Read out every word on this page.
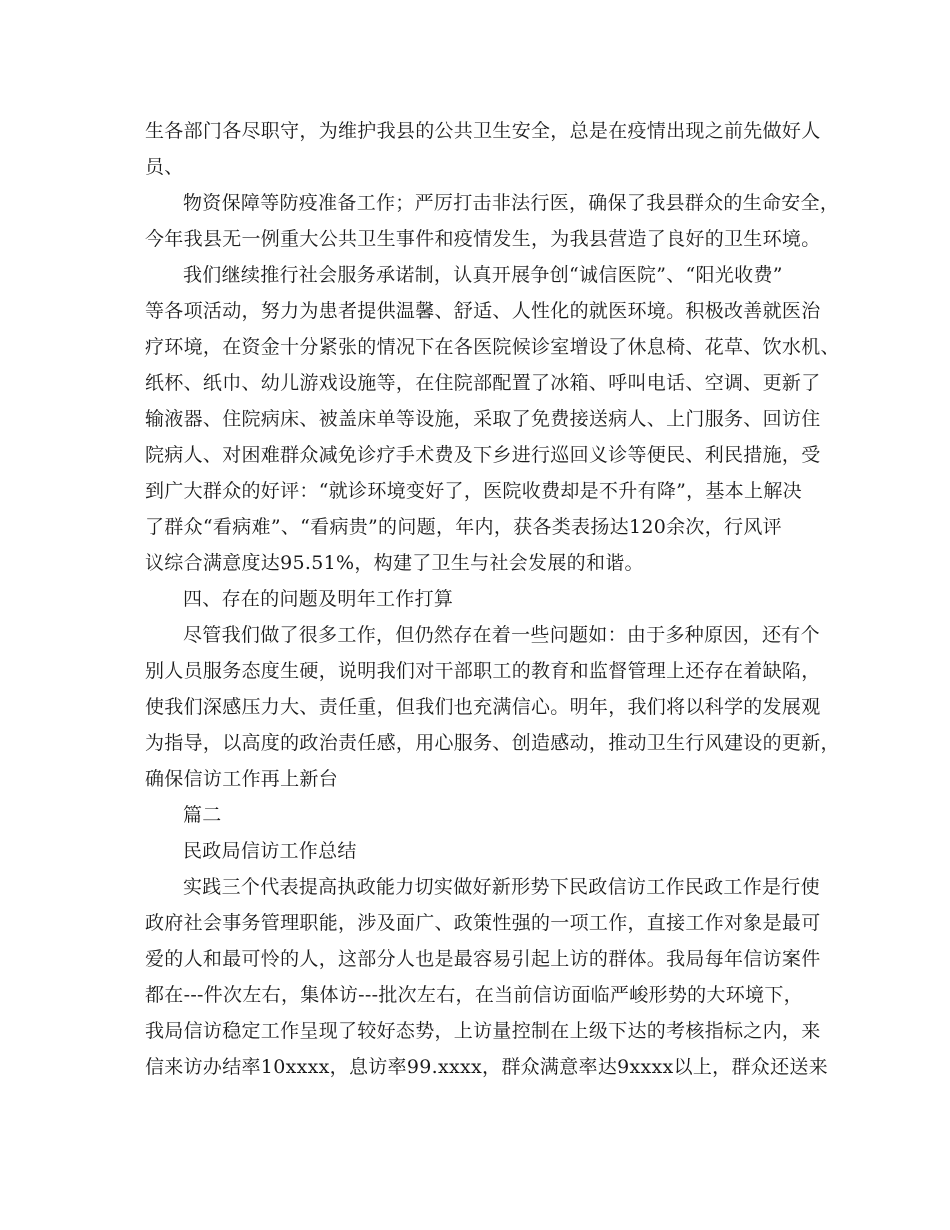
生各部门各尽职守，为维护我县的公共卫生安全，总是在疫情出现之前先做好人
员、
物资保障等防疫准备工作；严厉打击非法行医，确保了我县群众的生命安全，
今年我县无一例重大公共卫生事件和疫情发生，为我县营造了良好的卫生环境。
我们继续推行社会服务承诺制，认真开展争创“诚信医院”、“阳光收费”
等各项活动，努力为患者提供温馨、舒适、人性化的就医环境。积极改善就医治
疗环境，在资金十分紧张的情况下在各医院候诊室增设了休息椅、花草、饮水机、
纸杯、纸巾、幼儿游戏设施等，在住院部配置了冰箱、呼叫电话、空调、更新了
输液器、住院病床、被盖床单等设施，采取了免费接送病人、上门服务、回访住
院病人、对困难群众减免诊疗手术费及下乡进行巡回义诊等便民、利民措施，受
到广大群众的好评：“就诊环境变好了，医院收费却是不升有降”，基本上解决
了群众“看病难”、“看病贵”的问题，年内，获各类表扬达120余次，行风评
议综合满意度达95.51%，构建了卫生与社会发展的和谐。
四、存在的问题及明年工作打算
尽管我们做了很多工作，但仍然存在着一些问题如：由于多种原因，还有个
别人员服务态度生硬，说明我们对干部职工的教育和监督管理上还存在着缺陷，
使我们深感压力大、责任重，但我们也充满信心。明年，我们将以科学的发展观
为指导，以高度的政治责任感，用心服务、创造感动，推动卫生行风建设的更新，
确保信访工作再上新台
篇二
民政局信访工作总结
实践三个代表提高执政能力切实做好新形势下民政信访工作民政工作是行使
政府社会事务管理职能，涉及面广、政策性强的一项工作，直接工作对象是最可
爱的人和最可怜的人，这部分人也是最容易引起上访的群体。我局每年信访案件
都在---件次左右，集体访---批次左右，在当前信访面临严峻形势的大环境下，
我局信访稳定工作呈现了较好态势，上访量控制在上级下达的考核指标之内，来
信来访办结率10xxxx，息访率99.xxxx，群众满意率达9xxxx以上，群众还送来
